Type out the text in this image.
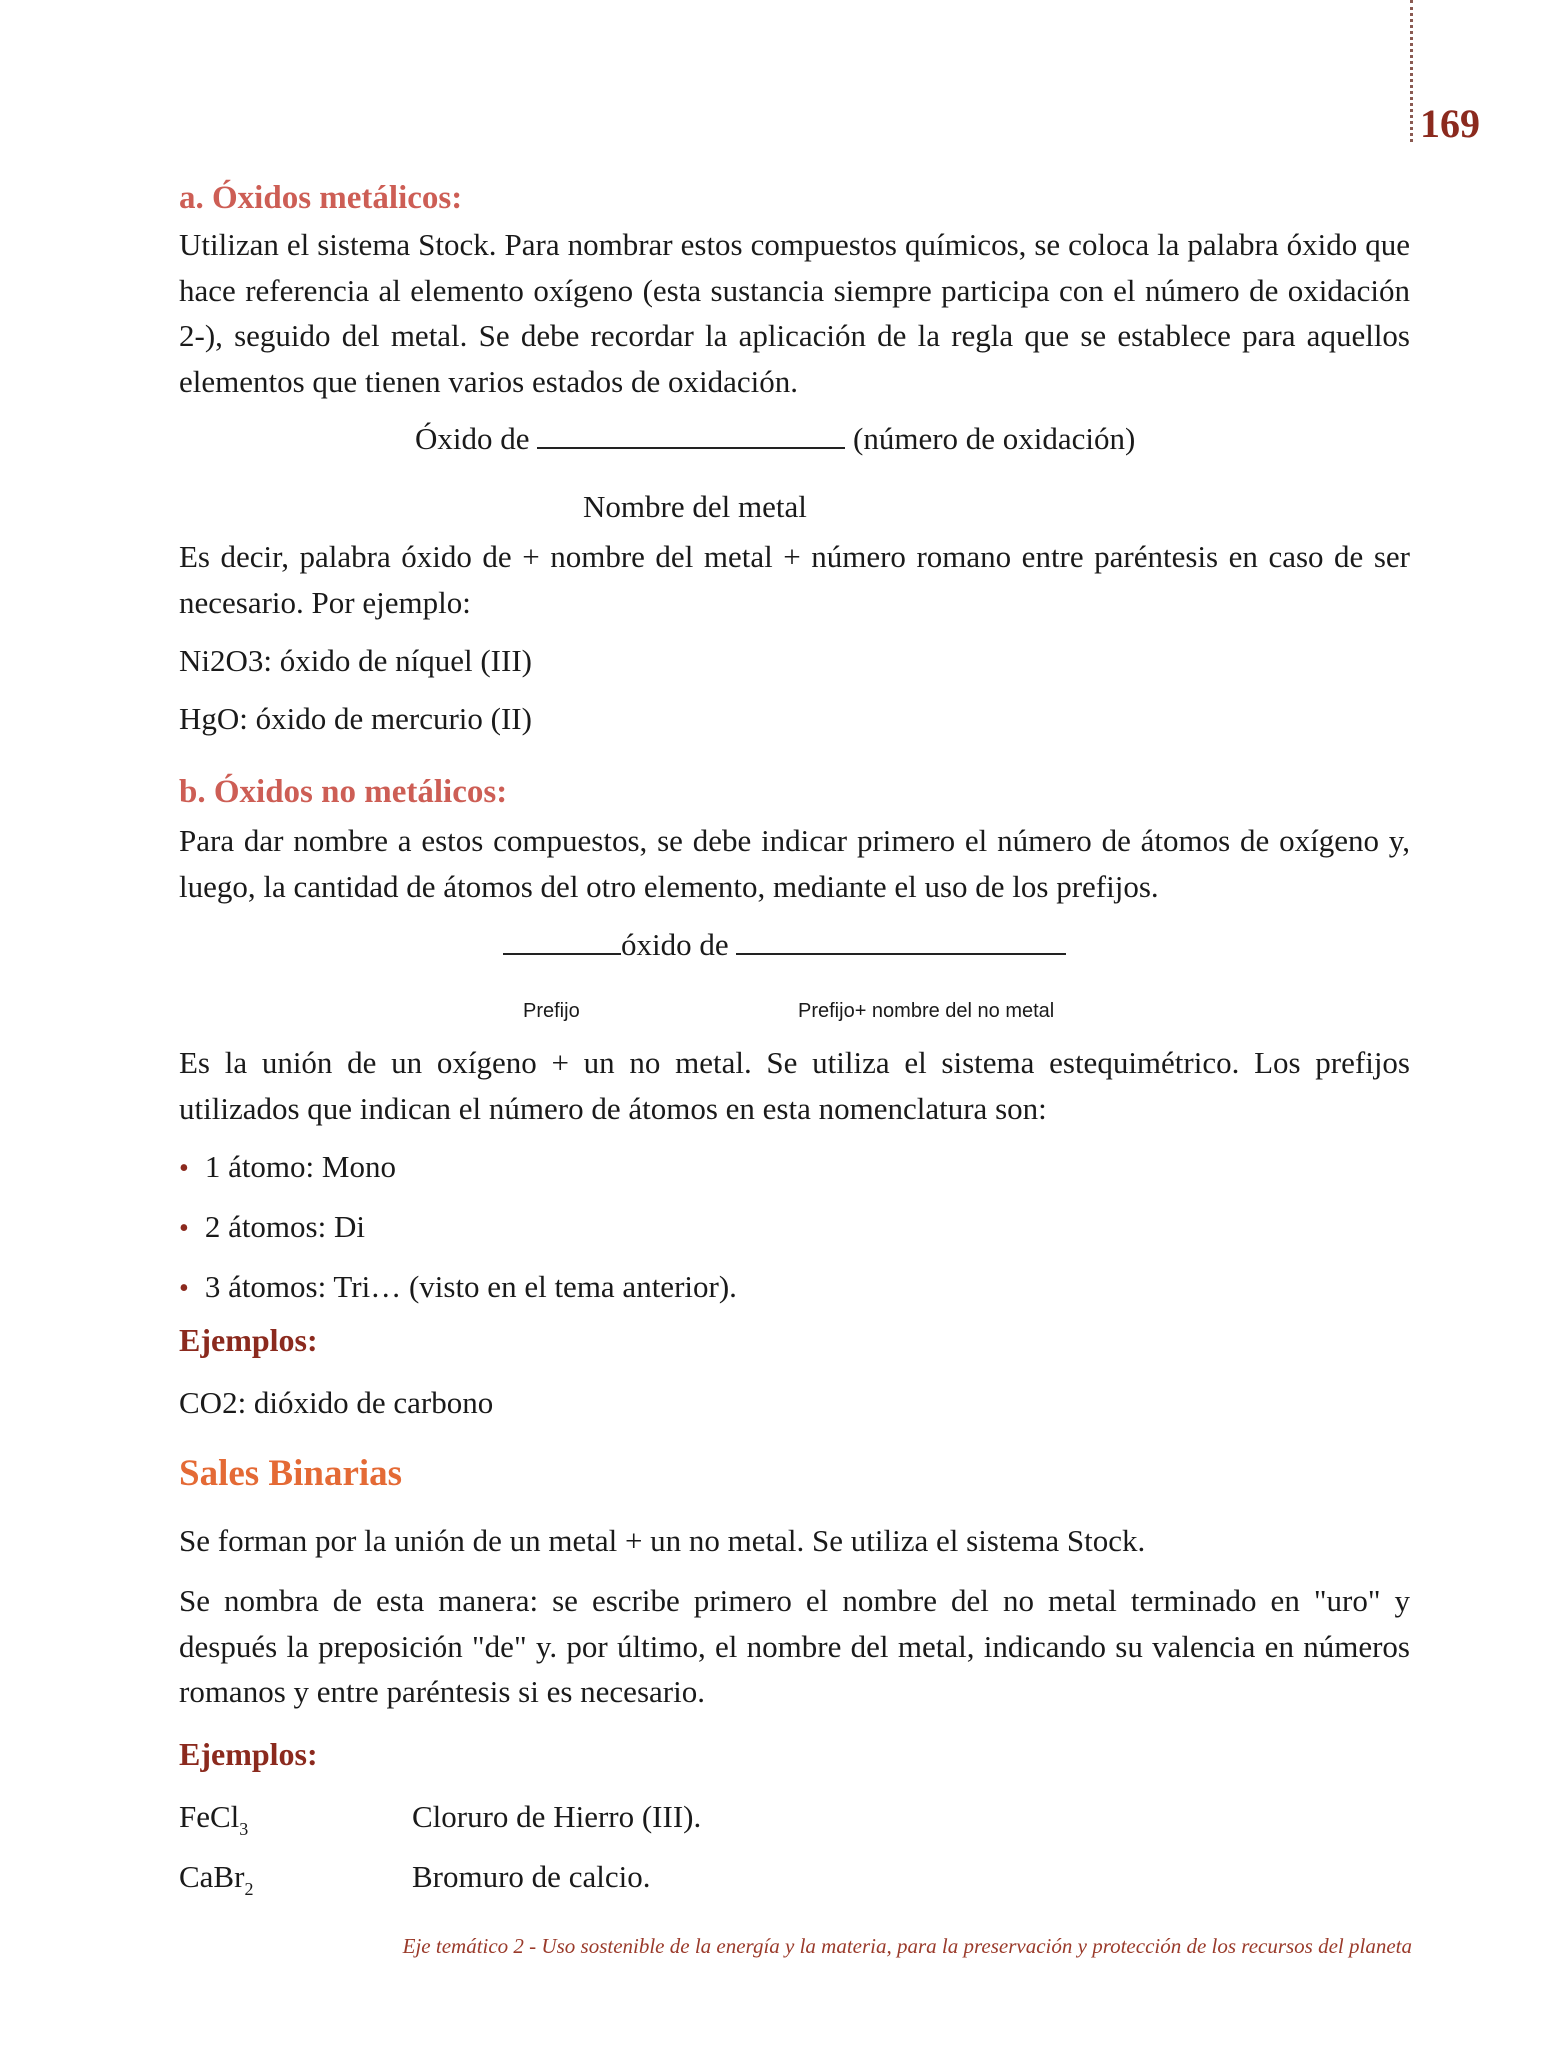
169
a. Óxidos metálicos:
Utilizan el sistema Stock. Para nombrar estos compuestos químicos, se coloca la palabra óxido que hace referencia al elemento oxígeno (esta sustancia siempre participa con el número de oxidación 2-), seguido del metal. Se debe recordar la aplicación de la regla que se establece para aquellos elementos que tienen varios estados de oxidación.
Óxido de	(número de oxidación)
Nombre del metal
Es decir, palabra óxido de + nombre del metal + número romano entre paréntesis en caso de ser necesario. Por ejemplo:
Ni2O3: óxido de níquel (III)
HgO: óxido de mercurio (II)
b. Óxidos no metálicos:
Para dar nombre a estos compuestos, se debe indicar primero el número de átomos de oxígeno y, luego, la cantidad de átomos del otro elemento, mediante el uso de los prefijos.
óxido de
Prefijo	Prefijo+ nombre del no metal
Es la unión de un oxígeno + un no metal. Se utiliza el sistema estequimétrico. Los prefijos utilizados que indican el número de átomos en esta nomenclatura son:
• 1 átomo: Mono
• 2 átomos: Di
• 3 átomos: Tri… (visto en el tema anterior).
Ejemplos:
CO2: dióxido de carbono
Sales Binarias
Se forman por la unión de un metal + un no metal. Se utiliza el sistema Stock.
Se nombra de esta manera: se escribe primero el nombre del no metal terminado en "uro" y después la preposición "de" y. por último, el nombre del metal, indicando su valencia en números romanos y entre paréntesis si es necesario.
Ejemplos:
FeCl$_3$	Cloruro de Hierro (III).
CaBr$_2$	Bromuro de calcio.
Eje temático 2 - Uso sostenible de la energía y la materia, para la preservación y protección de los recursos del planeta
